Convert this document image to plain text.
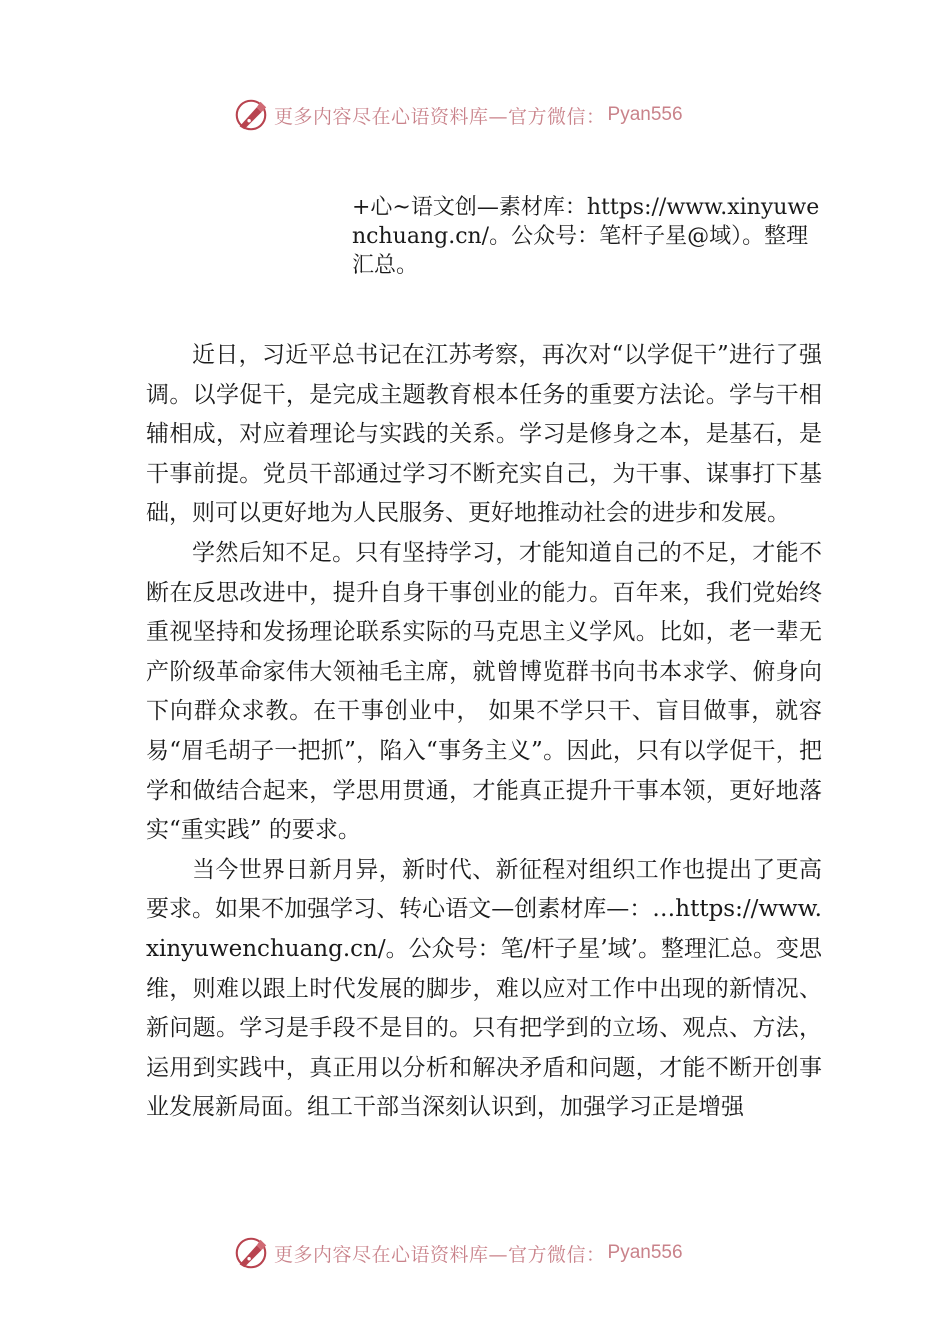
更多内容尽在心语资料库—官方微信： Pyan556
+心~语文创—素材库：https://www.xinyuwenchuang.cn/。公众号：笔杆子星@域）。整理汇总。

近日，习近平总书记在江苏考察，再次对“以学促干”进行了强调。以学促干，是完成主题教育根本任务的重要方法论。学与干相辅相成，对应着理论与实践的关系。学习是修身之本，是基石，是干事前提。党员干部通过学习不断充实自己，为干事、谋事打下基础，则可以更好地为人民服务、更好地推动社会的进步和发展。

学然后知不足。只有坚持学习，才能知道自己的不足，才能不断在反思改进中，提升自身干事创业的能力。百年来，我们党始终重视坚持和发扬理论联系实际的马克思主义学风。比如，老一辈无产阶级革命家伟大领袖毛主席，就曾博览群书向书本求学、俯身向下向群众求教。在干事创业中， 如果不学只干、盲目做事，就容易“眉毛胡子一把抓”，陷入“事务主义”。因此，只有以学促干，把学和做结合起来，学思用贯通，才能真正提升干事本领，更好地落实“重实践” 的要求。

当今世界日新月异，新时代、新征程对组织工作也提出了更高要求。如果不加强学习、转心语文—创素材库—：…https://www.xinyuwenchuang.cn/。公众号：笔/杆子星’域’。整理汇总。变思维，则难以跟上时代发展的脚步，难以应对工作中出现的新情况、新问题。学习是手段不是目的。只有把学到的立场、观点、方法，运用到实践中，真正用以分析和解决矛盾和问题，才能不断开创事业发展新局面。组工干部当深刻认识到，加强学习正是增强

更多内容尽在心语资料库—官方微信： Pyan556
